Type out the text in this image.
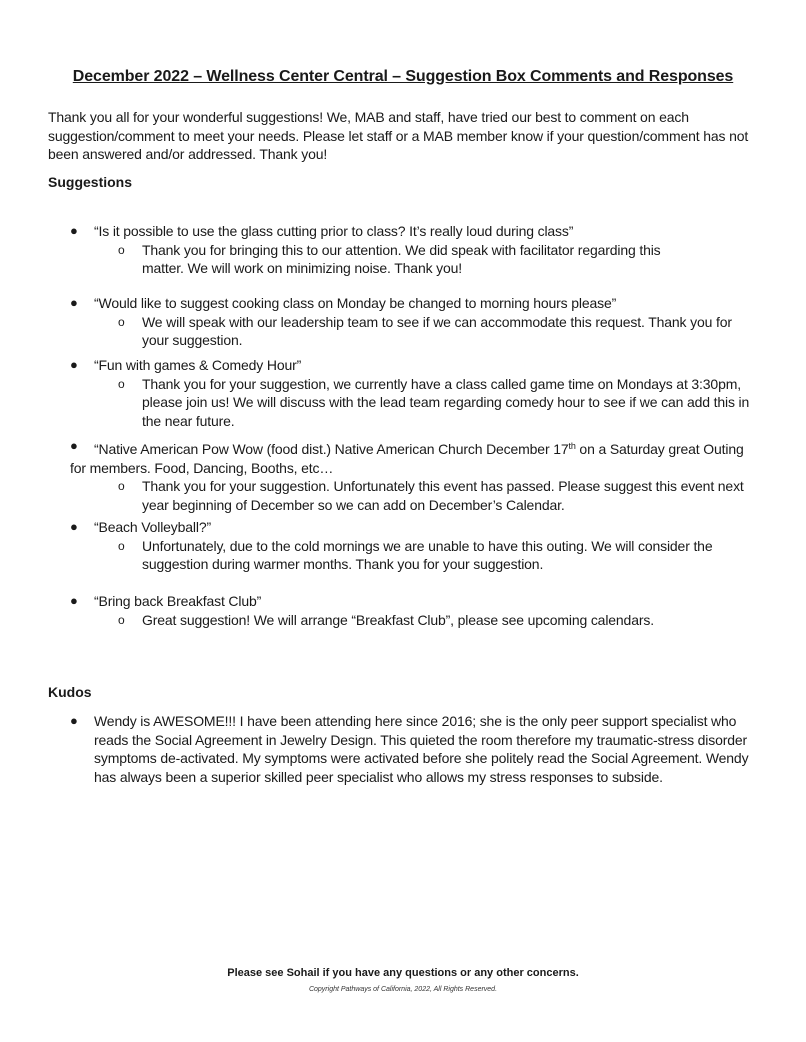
December 2022 – Wellness Center Central – Suggestion Box Comments and Responses
Thank you all for your wonderful suggestions! We, MAB and staff, have tried our best to comment on each suggestion/comment to meet your needs. Please let staff or a MAB member know if your question/comment has not been answered and/or addressed. Thank you!
Suggestions
●	“Is it possible to use the glass cutting prior to class? It’s really loud during class”
o Thank you for bringing this to our attention. We did speak with facilitator regarding this matter. We will work on minimizing noise. Thank you!
●	“Would like to suggest cooking class on Monday be changed to morning hours please”
o We will speak with our leadership team to see if we can accommodate this request. Thank you for your suggestion.
●	“Fun with games & Comedy Hour”
o Thank you for your suggestion, we currently have a class called game time on Mondays at 3:30pm, please join us! We will discuss with the lead team regarding comedy hour to see if we can add this in the near future.
●	“Native American Pow Wow (food dist.) Native American Church December 17th on a Saturday great Outing for members. Food, Dancing, Booths, etc…
o Thank you for your suggestion. Unfortunately this event has passed. Please suggest this event next year beginning of December so we can add on December’s Calendar.
●	“Beach Volleyball?”
o Unfortunately, due to the cold mornings we are unable to have this outing. We will consider the suggestion during warmer months. Thank you for your suggestion.
●	“Bring back Breakfast Club”
o Great suggestion! We will arrange “Breakfast Club”, please see upcoming calendars.
Kudos
●	Wendy is AWESOME!!! I have been attending here since 2016; she is the only peer support specialist who reads the Social Agreement in Jewelry Design. This quieted the room therefore my traumatic-stress disorder symptoms de-activated. My symptoms were activated before she politely read the Social Agreement. Wendy has always been a superior skilled peer specialist who allows my stress responses to subside.
Please see Sohail if you have any questions or any other concerns.
Copyright Pathways of California, 2022, All Rights Reserved.
